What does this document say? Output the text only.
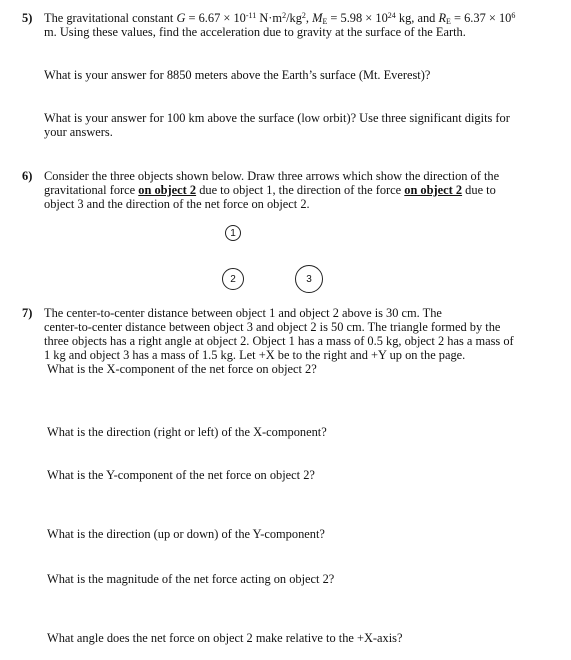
5) The gravitational constant $G = 6.67 \times 10^{-11}$ $N\cdot m^2/kg^2$, $M_E = 5.98 \times 10^{24}$ kg, and $R_E = 6.37 \times 10^6$
m. Using these values, find the acceleration due to gravity at the surface of the Earth.
What is your answer for 8850 meters above the Earth’s surface (Mt. Everest)?
What is your answer for 100 km above the surface (low orbit)? Use three significant digits for
your answers.
6) Consider the three objects shown below. Draw three arrows which show the direction of the
gravitational force on object 2 due to object 1, the direction of the force on object 2 due to
object 3 and the direction of the net force on object 2.
1
2	3
7) The center-to-center distance between object 1 and object 2 above is 30 cm. The
center-to-center distance between object 3 and object 2 is 50 cm. The triangle formed by the
three objects has a right angle at object 2. Object 1 has a mass of 0.5 kg, object 2 has a mass of
1 kg and object 3 has a mass of 1.5 kg. Let +X be to the right and +Y up on the page.
What is the X-component of the net force on object 2?
What is the direction (right or left) of the X-component?
What is the Y-component of the net force on object 2?
What is the direction (up or down) of the Y-component?
What is the magnitude of the net force acting on object 2?
What angle does the net force on object 2 make relative to the +X-axis?
